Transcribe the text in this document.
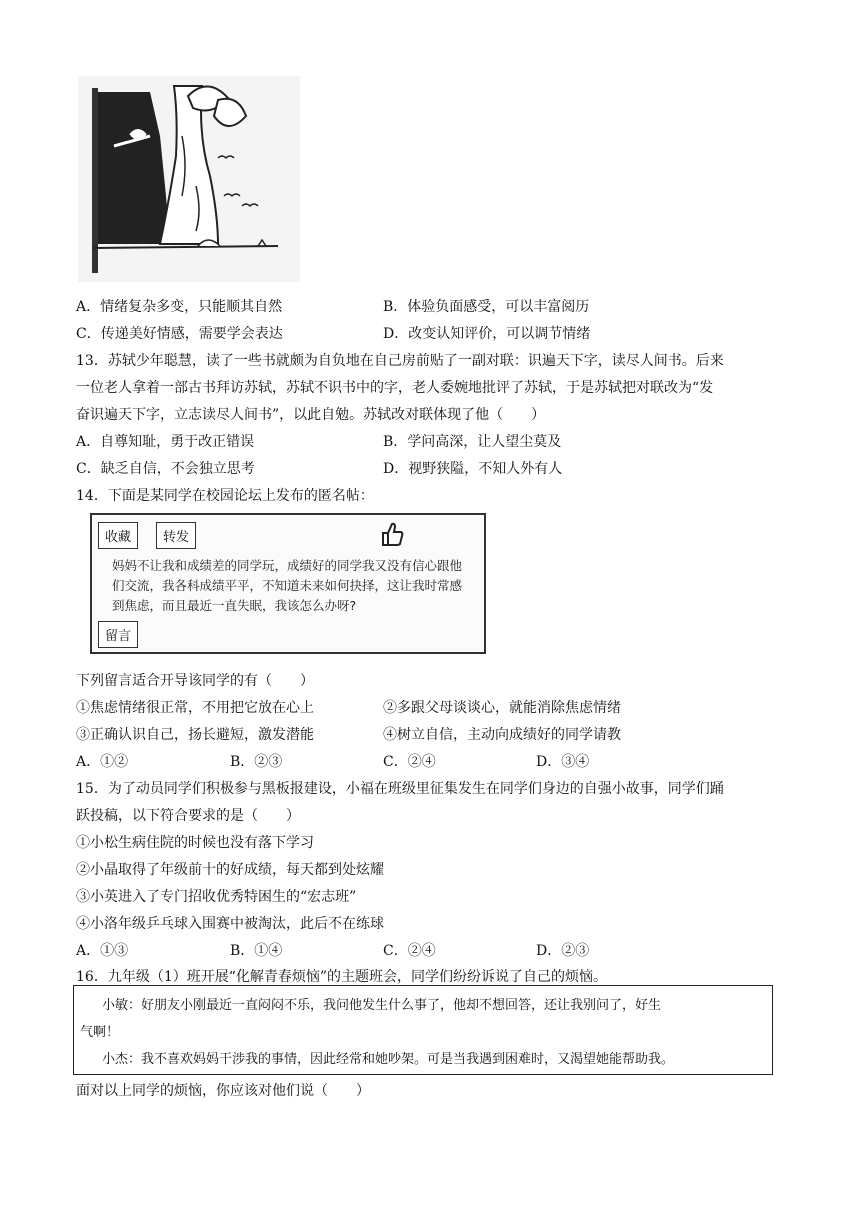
A．情绪复杂多变，只能顺其自然	B．体验负面感受，可以丰富阅历
C．传递美好情感，需要学会表达	D．改变认知评价，可以调节情绪
13．苏轼少年聪慧，读了一些书就颇为自负地在自己房前贴了一副对联：识遍天下字，读尽人间书。后来
一位老人拿着一部古书拜访苏轼，苏轼不识书中的字，老人委婉地批评了苏轼，于是苏轼把对联改为“发
奋识遍天下字，立志读尽人间书”，以此自勉。苏轼改对联体现了他（　　）
A．自尊知耻，勇于改正错误	B．学问高深，让人望尘莫及
C．缺乏自信，不会独立思考	D．视野狭隘，不知人外有人
14．下面是某同学在校园论坛上发布的匿名帖：
收藏	转发
妈妈不让我和成绩差的同学玩，成绩好的同学我又没有信心跟他们交流，我各科成绩平平，不知道未来如何抉择，这让我时常感到焦虑，而且最近一直失眠，我该怎么办呀?
留言
下列留言适合开导该同学的有（　　）
①焦虑情绪很正常，不用把它放在心上	②多跟父母谈谈心，就能消除焦虑情绪
③正确认识自己，扬长避短，激发潜能	④树立自信，主动向成绩好的同学请教
A．①②	B．②③	C．②④	D．③④
15．为了动员同学们积极参与黑板报建设，小福在班级里征集发生在同学们身边的自强小故事，同学们踊
跃投稿，以下符合要求的是（　　）
①小松生病住院的时候也没有落下学习
②小晶取得了年级前十的好成绩，每天都到处炫耀
③小英进入了专门招收优秀特困生的“宏志班”
④小洛年级乒乓球入围赛中被淘汰，此后不在练球
A．①③	B．①④	C．②④	D．②③
16．九年级（1）班开展“化解青春烦恼”的主题班会，同学们纷纷诉说了自己的烦恼。
小敏：好朋友小刚最近一直闷闷不乐，我问他发生什么事了，他却不想回答，还让我别问了，好生
气啊！
小杰：我不喜欢妈妈干涉我的事情，因此经常和她吵架。可是当我遇到困难时，又渴望她能帮助我。
面对以上同学的烦恼，你应该对他们说（　　）
